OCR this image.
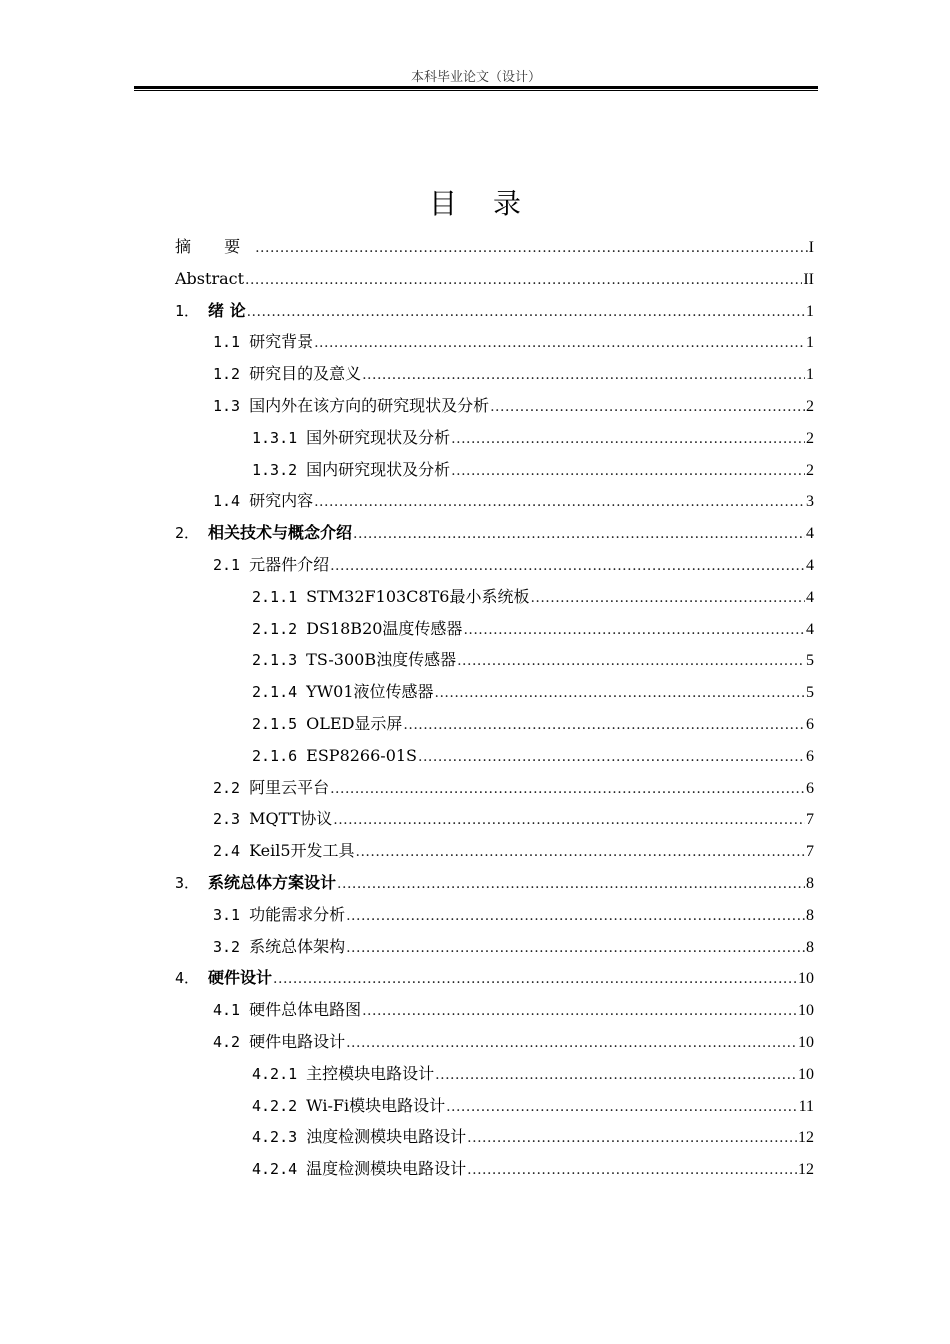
本科毕业论文（设计）
目录
摘 要 .....	I
Abstract .....	II
1． 绪 论 .....	1
1.1 研究背景 .....	1
1.2 研究目的及意义 .....	1
1.3 国内外在该方向的研究现状及分析 .....	2
1.3.1 国外研究现状及分析 .....	2
1.3.2 国内研究现状及分析 .....	2
1.4 研究内容 .....	3
2． 相关技术与概念介绍 .....	4
2.1 元器件介绍 .....	4
2.1.1 STM32F103C8T6最小系统板 .....	4
2.1.2 DS18B20温度传感器 .....	4
2.1.3 TS-300B浊度传感器 .....	5
2.1.4 YW01液位传感器 .....	5
2.1.5 OLED显示屏 .....	6
2.1.6 ESP8266-01S .....	6
2.2 阿里云平台 .....	6
2.3 MQTT协议 .....	7
2.4 Keil5开发工具 .....	7
3． 系统总体方案设计 .....	8
3.1 功能需求分析 .....	8
3.2 系统总体架构 .....	8
4． 硬件设计 .....	10
4.1 硬件总体电路图 .....	10
4.2 硬件电路设计 .....	10
4.2.1 主控模块电路设计 .....	10
4.2.2 Wi-Fi模块电路设计 .....	11
4.2.3 浊度检测模块电路设计 .....	12
4.2.4 温度检测模块电路设计 .....	12
